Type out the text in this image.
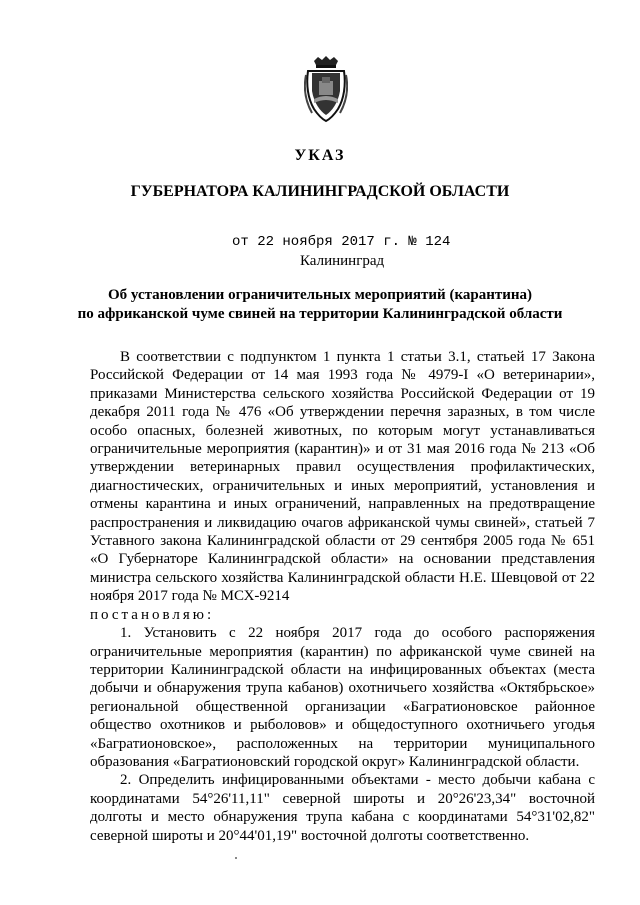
УКАЗ
ГУБЕРНАТОРА КАЛИНИНГРАДСКОЙ ОБЛАСТИ
от 22 ноября 2017 г. № 124
Калининград
Об установлении ограничительных мероприятий (карантина)
по африканской чуме свиней на территории Калининградской области

В соответствии с подпунктом 1 пункта 1 статьи 3.1, статьей 17 Закона Российской Федерации от 14 мая 1993 года № 4979-I «О ветеринарии», приказами Министерства сельского хозяйства Российской Федерации от 19 декабря 2011 года № 476 «Об утверждении перечня заразных, в том числе особо опасных, болезней животных, по которым могут устанавливаться ограничительные мероприятия (карантин)» и от 31 мая 2016 года № 213 «Об утверждении ветеринарных правил осуществления профилактических, диагностических, ограничительных и иных мероприятий, установления и отмены карантина и иных ограничений, направленных на предотвращение распространения и ликвидацию очагов африканской чумы свиней», статьей 7 Уставного закона Калининградской области от 29 сентября 2005 года № 651 «О Губернаторе Калининградской области» на основании представления министра сельского хозяйства Калининградской области Н.Е. Шевцовой от 22 ноября 2017 года № МСХ-9214

постановляю:

1. Установить с 22 ноября 2017 года до особого распоряжения ограничительные мероприятия (карантин) по африканской чуме свиней на территории Калининградской области на инфицированных объектах (места добычи и обнаружения трупа кабанов) охотничьего хозяйства «Октябрьское» региональной общественной организации «Багратионовское районное общество охотников и рыболовов» и общедоступного охотничьего угодья «Багратионовское», расположенных на территории муниципального образования «Багратионовский городской округ» Калининградской области.

2. Определить инфицированными объектами - место добычи кабана с координатами 54°26'11,11" северной широты и 20°26'23,34" восточной долготы и место обнаружения трупа кабана с координатами 54°31'02,82" северной широты и 20°44'01,19" восточной долготы соответственно.
